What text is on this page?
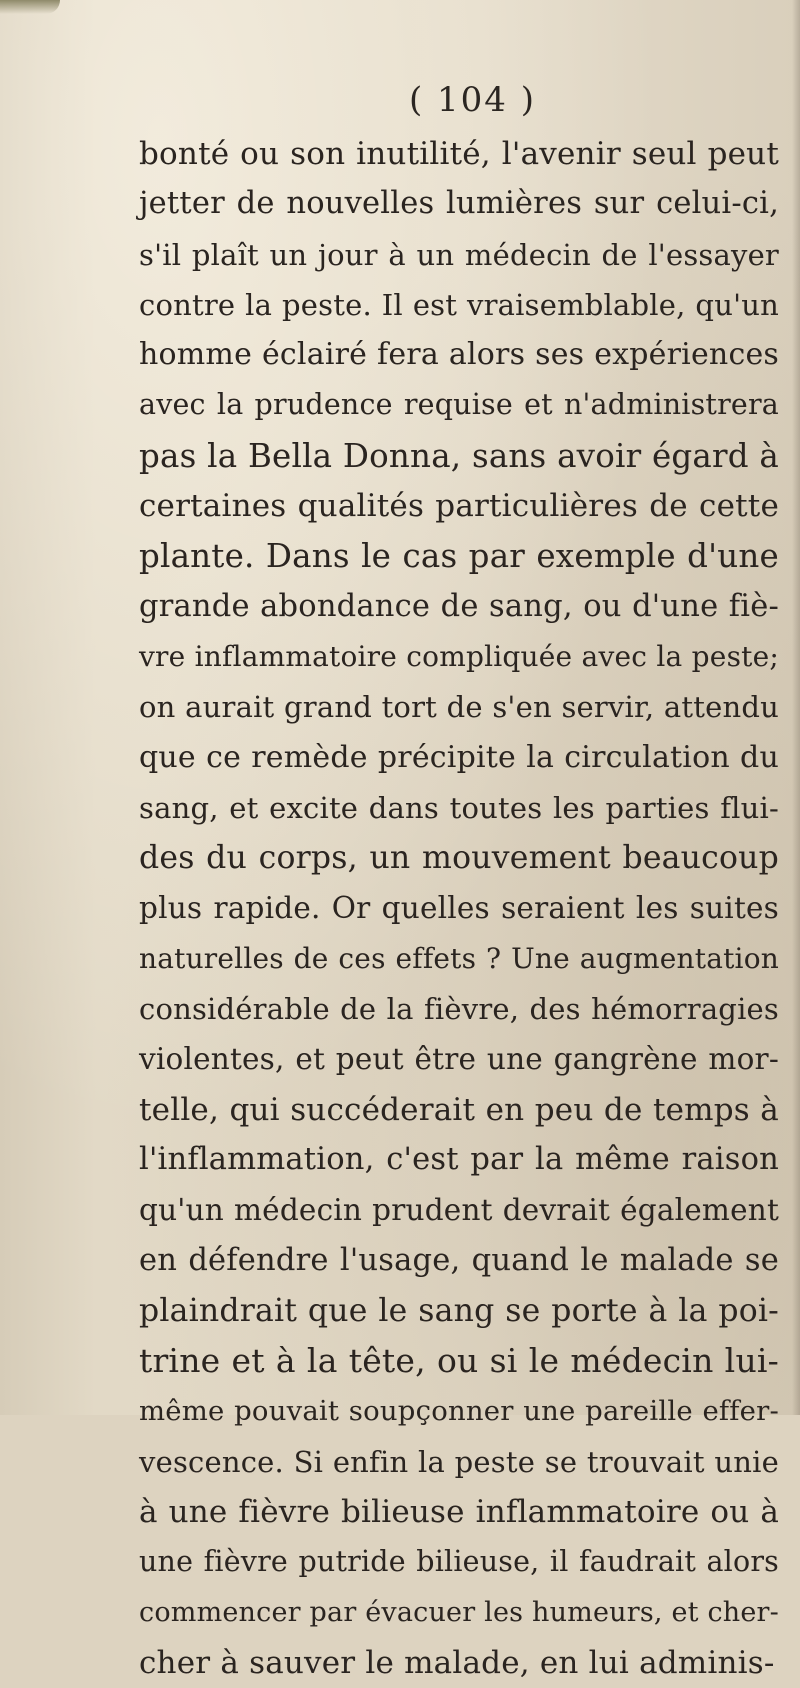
( 104 )
bonté ou son inutilité, l'avenir seul peut
jetter de nouvelles lumières sur celui-ci,
s'il plaît un jour à un médecin de l'essayer
contre la peste. Il est vraisemblable, qu'un
homme éclairé fera alors ses expériences
avec la prudence requise et n'administrera
pas la Bella Donna, sans avoir égard à
certaines qualités particulières de cette
plante. Dans le cas par exemple d'une
grande abondance de sang, ou d'une fiè-
vre inflammatoire compliquée avec la peste;
on aurait grand tort de s'en servir, attendu
que ce remède précipite la circulation du
sang, et excite dans toutes les parties flui-
des du corps, un mouvement beaucoup
plus rapide. Or quelles seraient les suites
naturelles de ces effets ? Une augmentation
considérable de la fièvre, des hémorragies
violentes, et peut être une gangrène mor-
telle, qui succéderait en peu de temps à
l'inflammation, c'est par la même raison
qu'un médecin prudent devrait également
en défendre l'usage, quand le malade se
plaindrait que le sang se porte à la poi-
trine et à la tête, ou si le médecin lui-
même pouvait soupçonner une pareille effer-
vescence. Si enfin la peste se trouvait unie
à une fièvre bilieuse inflammatoire ou à
une fièvre putride bilieuse, il faudrait alors
commencer par évacuer les humeurs, et cher-
cher à sauver le malade, en lui adminis-
